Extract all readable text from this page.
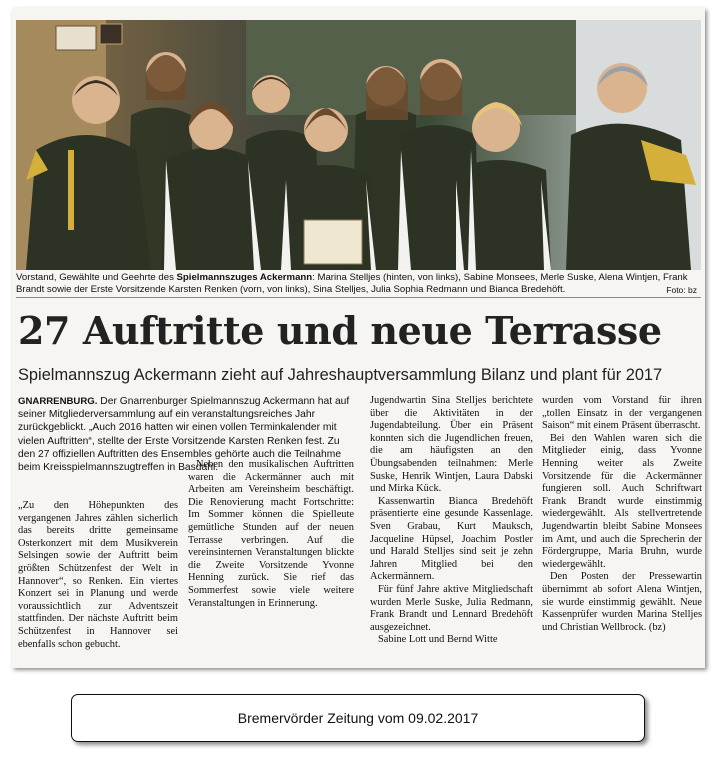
Vorstand, Gewählte und Geehrte des Spielmannszuges Ackermann: Marina Stelljes (hinten, von links), Sabine Monsees, Merle Suske, Alena Wintjen, Frank Brandt sowie der Erste Vorsitzende Karsten Renken (vorn, von links), Sina Stelljes, Julia Sophia Redmann und Bianca Bredehöft.	Foto: bz
27 Auftritte und neue Terrasse
Spielmannszug Ackermann zieht auf Jahreshauptversammlung Bilanz und plant für 2017
GNARRENBURG. Der Gnarrenburger Spielmannszug Ackermann hat auf seiner Mitgliederversammlung auf ein veranstaltungsreiches Jahr zurückgeblickt. „Auch 2016 hatten wir einen vollen Terminkalender mit vielen Auftritten“, stellte der Erste Vorsitzende Karsten Renken fest. Zu den 27 offiziellen Auftritten des Ensembles gehörte auch die Teilnahme beim Kreisspielmannszugtreffen in Basdahl.

„Zu den Höhepunkten des vergangenen Jahres zählen sicherlich das bereits dritte gemeinsame Osterkonzert mit dem Musikverein Selsingen sowie der Auftritt beim größten Schützenfest der Welt in Hannover“, so Renken. Ein viertes Konzert sei in Planung und werde voraussichtlich zur Adventszeit stattfinden. Der nächste Auftritt beim Schützenfest in Hannover sei ebenfalls schon gebucht.

Neben den musikalischen Auftritten waren die Ackermänner auch mit Arbeiten am Vereinsheim beschäftigt. Die Renovierung macht Fortschritte: Im Sommer können die Spielleute gemütliche Stunden auf der neuen Terrasse verbringen. Auf die vereinsinternen Veranstaltungen blickte die Zweite Vorsitzende Yvonne Henning zurück. Sie rief das Sommerfest sowie viele weitere Veranstaltungen in Erinnerung.

Jugendwartin Sina Stelljes berichtete über die Aktivitäten in der Jugendabteilung. Über ein Präsent konnten sich die Jugendlichen freuen, die am häufigsten an den Übungsabenden teilnahmen: Merle Suske, Henrik Wintjen, Laura Dabski und Mirka Kück.

Kassenwartin Bianca Bredehöft präsentierte eine gesunde Kassenlage. Sven Grabau, Kurt Mauksch, Jacqueline Hüpsel, Joachim Postler und Harald Stelljes sind seit je zehn Jahren Mitglied bei den Ackermännern.

Für fünf Jahre aktive Mitgliedschaft wurden Merle Suske, Julia Redmann, Frank Brandt und Lennard Bredehöft ausgezeichnet.

Sabine Lott und Bernd Witte

wurden vom Vorstand für ihren „tollen Einsatz in der vergangenen Saison“ mit einem Präsent überrascht.

Bei den Wahlen waren sich die Mitglieder einig, dass Yvonne Henning weiter als Zweite Vorsitzende für die Ackermänner fungieren soll. Auch Schriftwart Frank Brandt wurde einstimmig wiedergewählt. Als stellvertretende Jugendwartin bleibt Sabine Monsees im Amt, und auch die Sprecherin der Fördergruppe, Maria Bruhn, wurde wiedergewählt.

Den Posten der Pressewartin übernimmt ab sofort Alena Wintjen, sie wurde einstimmig gewählt. Neue Kassenprüfer wurden Marina Stelljes und Christian Wellbrock. (bz)

Bremervörder Zeitung vom 09.02.2017
